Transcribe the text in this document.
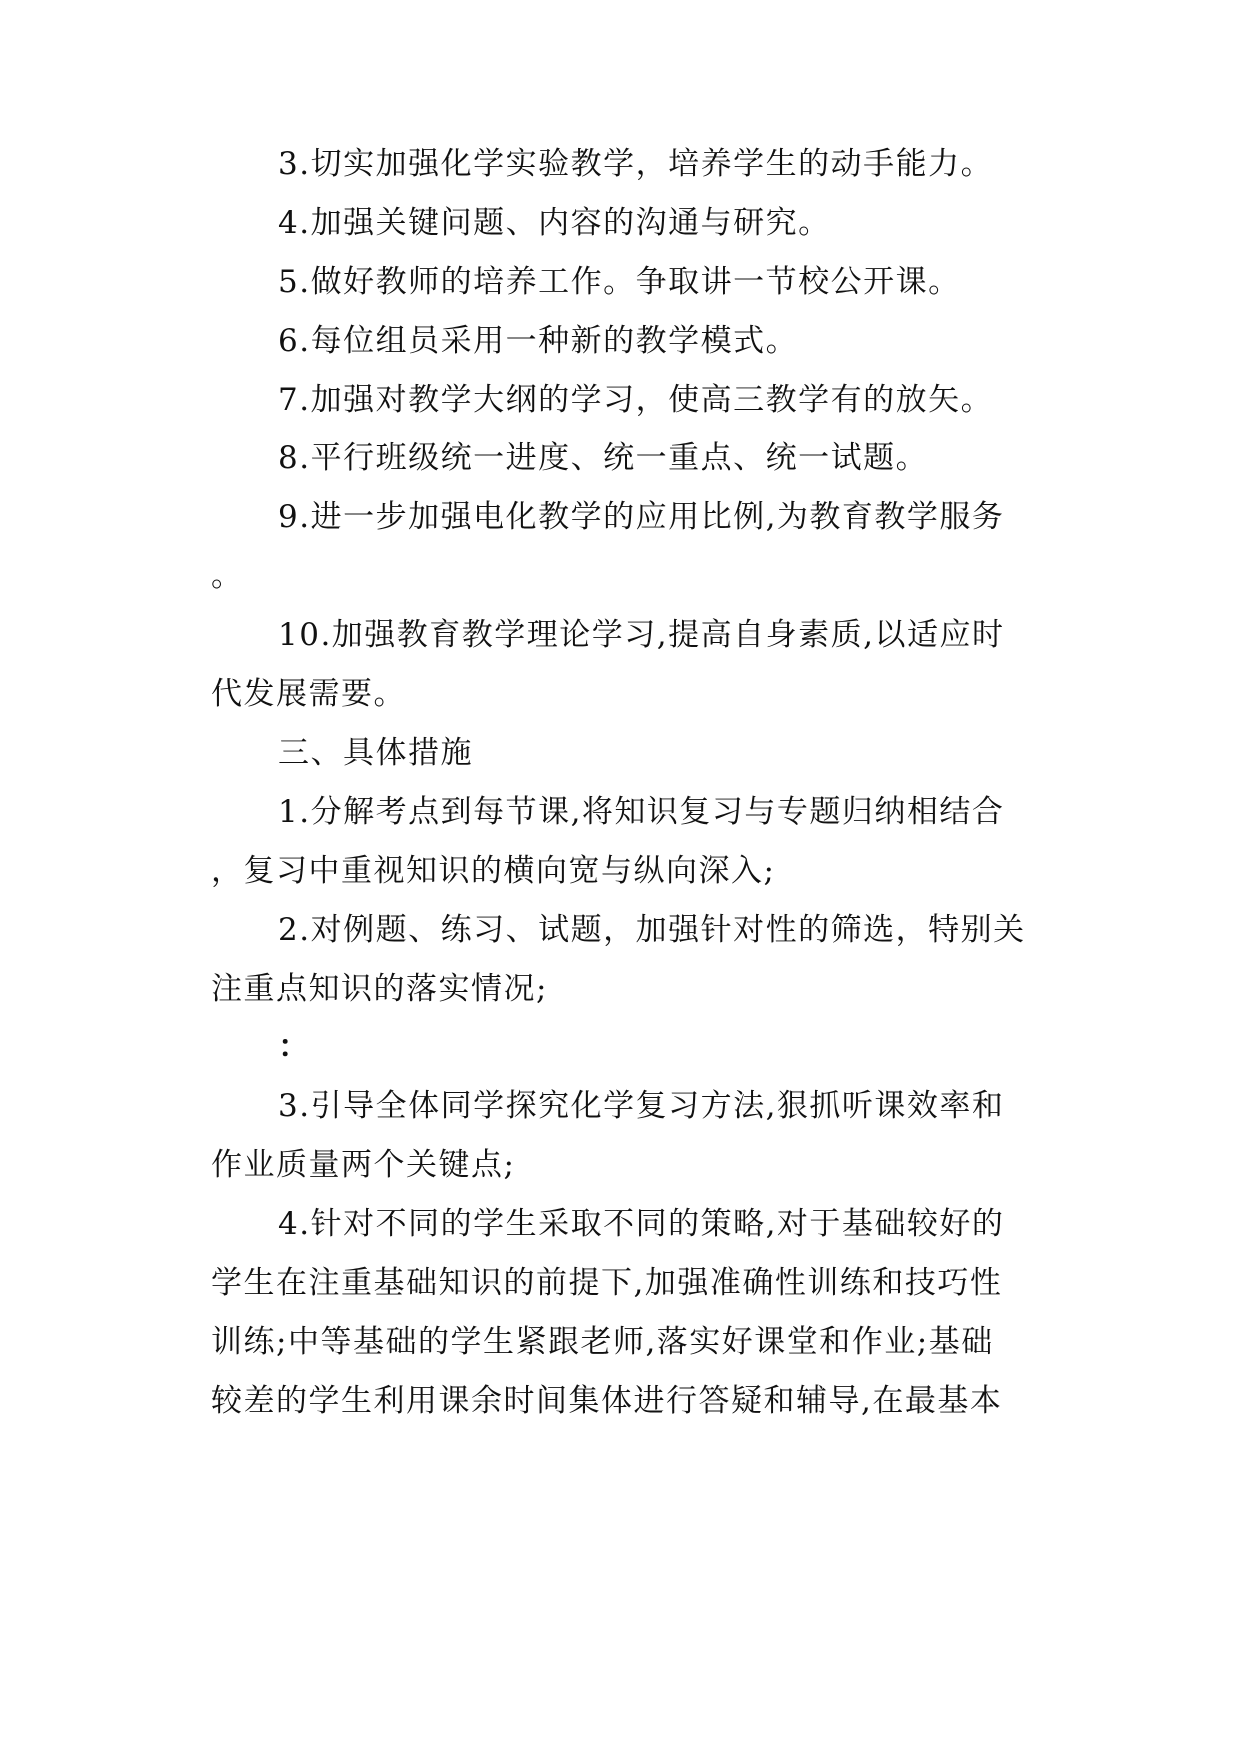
3.切实加强化学实验教学，培养学生的动手能力。
4.加强关键问题、内容的沟通与研究。
5.做好教师的培养工作。争取讲一节校公开课。
6.每位组员采用一种新的教学模式。
7.加强对教学大纲的学习，使高三教学有的放矢。
8.平行班级统一进度、统一重点、统一试题。
9.进一步加强电化教学的应用比例,为教育教学服务
。
10.加强教育教学理论学习,提高自身素质,以适应时
代发展需要。
三、具体措施
1.分解考点到每节课,将知识复习与专题归纳相结合
，复习中重视知识的横向宽与纵向深入;
2.对例题、练习、试题，加强针对性的筛选，特别关
注重点知识的落实情况;
：
3.引导全体同学探究化学复习方法,狠抓听课效率和
作业质量两个关键点;
4.针对不同的学生采取不同的策略,对于基础较好的
学生在注重基础知识的前提下,加强准确性训练和技巧性
训练;中等基础的学生紧跟老师,落实好课堂和作业;基础
较差的学生利用课余时间集体进行答疑和辅导,在最基本
